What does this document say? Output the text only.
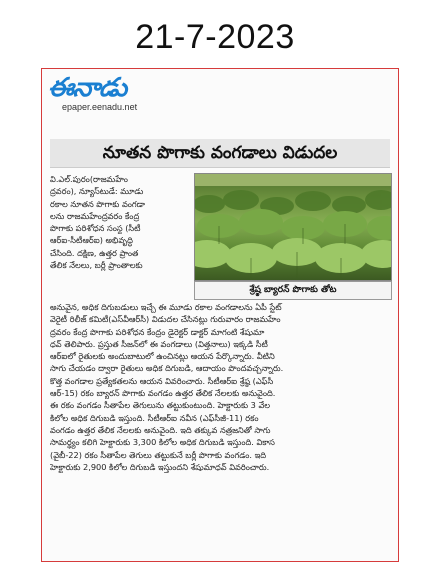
21-7-2023
ఈనాడు
epaper.eenadu.net
నూతన పొగాకు వంగడాలు విడుదల
వి.ఎల్.పురం(రాజమహేం
ద్రవరం), న్యూస్‌టుడే: మూడు
రకాల నూతన పొగాకు వంగడా
లను రాజమహేంద్రవరం కేంద్ర
పొగాకు పరిశోధన సంస్థ (సీటీ
ఆర్‌ఐ-సీటీఆర్‌ఐ) అభివృద్ధి
చేసింది. దక్షిణ, ఉత్తర ప్రాంత
తేలిక నేలలు, బర్లీ ప్రాంతాలకు
శ్రేష్ఠ బ్యారన్ పొగాకు తోట
అనువైన, అధిక దిగుబడులు ఇచ్చే ఈ మూడు రకాల వంగడాలను ఏపీ స్టేట్
వెరైటీ రిలీజ్ కమిటీ(ఎస్‌వీఆర్‌సీ) విడుదల చేసినట్లు గురువారం రాజమహేం
ద్రవరం కేంద్ర పొగాకు పరిశోధన కేంద్రం డైరెక్టర్ డాక్టర్ మాగంటి శేషుమా
ధవ్ తెలిపారు. ప్రస్తుత సీజన్‌లో ఈ వంగడాలు (విత్తనాలు) ఇక్కడి సీటీ
ఆర్‌ఐలో రైతులకు అందుబాటులో ఉంచినట్లు ఆయన పేర్కొన్నారు. వీటిని
సాగు చేయడం ద్వారా రైతులు అధిక దిగుబడి, ఆదాయం పొందవచ్చన్నారు.
కొత్త వంగడాల ప్రత్యేకతలను ఆయన వివరించారు. సీటీఆర్‌ఐ శ్రేష్ఠ (ఎఫ్‌సీ
ఆర్-15) రకం బ్యారన్ పొగాకు వంగడం ఉత్తర తేలిక నేలలకు అనువైంది.
ఈ రకం వంగడం సీతాపేల తెగులును తట్టుకుంటుంది. హెక్టారుకు 3 వేల
కిలోల అధిక దిగుబడి ఇస్తుంది. సీటీఆర్‌ఐ నవీన (ఎఫ్‌సీజీ-11) రకం
వంగడం ఉత్తర తేలిక నేలలకు అనువైంది. ఇది తక్కువ నత్రజనితో సాగు
సామర్థ్యం కలిగి హెక్టారుకు 3,300 కిలోల అధిక దిగుబడి ఇస్తుంది. వికాస
(వైబీ-22) రకం సీతాపేల తెగులు తట్టుకునే బర్లీ పొగాకు వంగడం. ఇది
హెక్టారుకు 2,900 కిలోల దిగుబడి ఇస్తుందని శేషుమాధవ్ వివరించారు.
